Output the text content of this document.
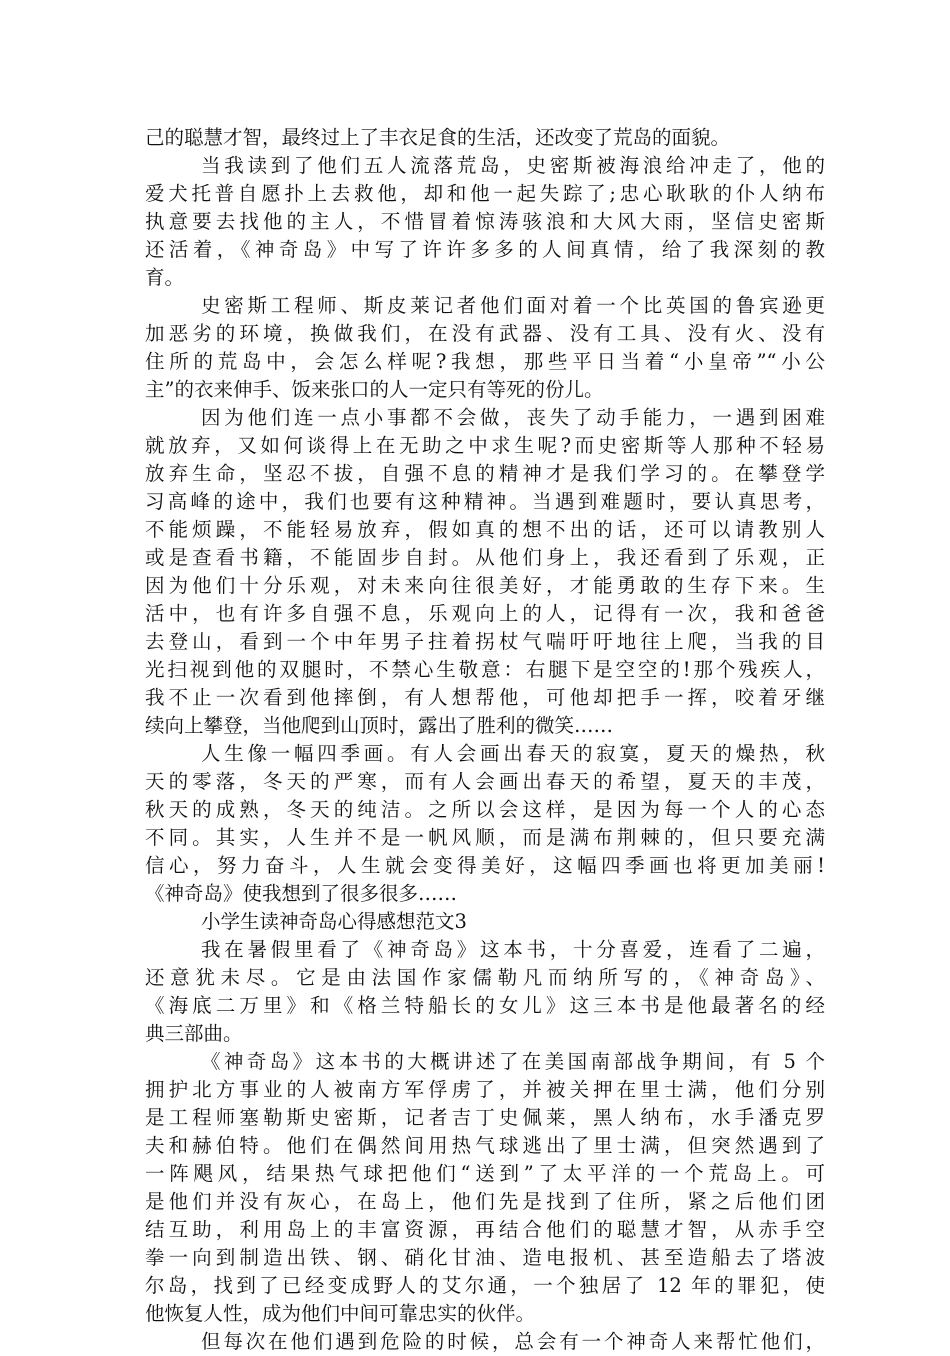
己的聪慧才智，最终过上了丰衣足食的生活，还改变了荒岛的面貌。
当我读到了他们五人流落荒岛，史密斯被海浪给冲走了，他的
爱犬托普自愿扑上去救他，却和他一起失踪了;忠心耿耿的仆人纳布
执意要去找他的主人，不惜冒着惊涛骇浪和大风大雨，坚信史密斯
还活着，《神奇岛》中写了许许多多的人间真情，给了我深刻的教
育。
史密斯工程师、斯皮莱记者他们面对着一个比英国的鲁宾逊更
加恶劣的环境，换做我们，在没有武器、没有工具、没有火、没有
住所的荒岛中，会怎么样呢?我想，那些平日当着“小皇帝”“小公
主”的衣来伸手、饭来张口的人一定只有等死的份儿。
因为他们连一点小事都不会做，丧失了动手能力，一遇到困难
就放弃，又如何谈得上在无助之中求生呢?而史密斯等人那种不轻易
放弃生命，坚忍不拔，自强不息的精神才是我们学习的。在攀登学
习高峰的途中，我们也要有这种精神。当遇到难题时，要认真思考，
不能烦躁，不能轻易放弃，假如真的想不出的话，还可以请教别人
或是查看书籍，不能固步自封。从他们身上，我还看到了乐观，正
因为他们十分乐观，对未来向往很美好，才能勇敢的生存下来。生
活中，也有许多自强不息，乐观向上的人，记得有一次，我和爸爸
去登山，看到一个中年男子拄着拐杖气喘吁吁地往上爬，当我的目
光扫视到他的双腿时，不禁心生敬意：右腿下是空空的!那个残疾人，
我不止一次看到他摔倒，有人想帮他，可他却把手一挥，咬着牙继
续向上攀登，当他爬到山顶时，露出了胜利的微笑……
人生像一幅四季画。有人会画出春天的寂寞，夏天的燥热，秋
天的零落，冬天的严寒，而有人会画出春天的希望，夏天的丰茂，
秋天的成熟，冬天的纯洁。之所以会这样，是因为每一个人的心态
不同。其实，人生并不是一帆风顺，而是满布荆棘的，但只要充满
信心，努力奋斗，人生就会变得美好，这幅四季画也将更加美丽!
《神奇岛》使我想到了很多很多……
小学生读神奇岛心得感想范文3
我在暑假里看了《神奇岛》这本书，十分喜爱，连看了二遍，
还意犹未尽。它是由法国作家儒勒凡而纳所写的，《神奇岛》、
《海底二万里》和《格兰特船长的女儿》这三本书是他最著名的经
典三部曲。
《神奇岛》这本书的大概讲述了在美国南部战争期间，有 5 个
拥护北方事业的人被南方军俘虏了，并被关押在里士满，他们分别
是工程师塞勒斯史密斯，记者吉丁史佩莱，黑人纳布，水手潘克罗
夫和赫伯特。他们在偶然间用热气球逃出了里士满，但突然遇到了
一阵飓风，结果热气球把他们“送到”了太平洋的一个荒岛上。可
是他们并没有灰心，在岛上，他们先是找到了住所，紧之后他们团
结互助，利用岛上的丰富资源，再结合他们的聪慧才智，从赤手空
拳一向到制造出铁、钢、硝化甘油、造电报机、甚至造船去了塔波
尔岛，找到了已经变成野人的艾尔通，一个独居了 12 年的罪犯，使
他恢复人性，成为他们中间可靠忠实的伙伴。
但每次在他们遇到危险的时候，总会有一个神奇人来帮忙他们，
